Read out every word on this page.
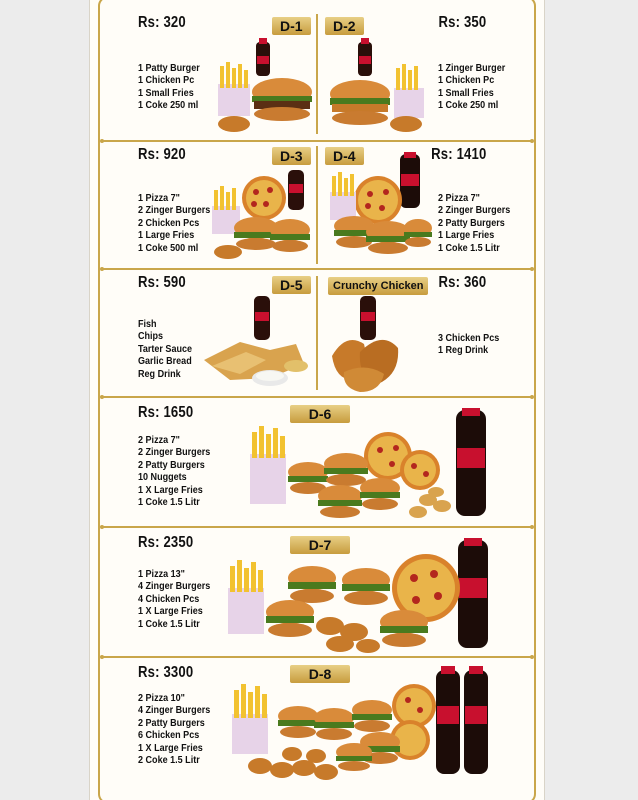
Rs: 320	D-1
1 Patty Burger
1 Chicken Pc
1 Small Fries
1 Coke 250 ml
D-2	Rs: 350
1 Zinger Burger
1 Chicken Pc
1 Small Fries
1 Coke 250 ml
Rs: 920	D-3
1 Pizza 7"
2 Zinger Burgers
2 Chicken Pcs
1 Large Fries
1 Coke 500 ml
D-4	Rs: 1410
2 Pizza 7"
2 Zinger Burgers
2 Patty Burgers
1 Large Fries
1 Coke 1.5 Litr
Rs: 590	D-5
Fish
Chips
Tarter Sauce
Garlic Bread
Reg Drink
Crunchy Chicken Rs: 360
3 Chicken Pcs
1 Reg Drink
Rs: 1650	D-6
2 Pizza 7"
2 Zinger Burgers
2 Patty Burgers
10 Nuggets
1 X Large Fries
1 Coke 1.5 Litr
Rs: 2350	D-7
1 Pizza 13"
4 Zinger Burgers
4 Chicken Pcs
1 X Large Fries
1 Coke 1.5 Litr
Rs: 3300	D-8
2 Pizza 10"
4 Zinger Burgers
2 Patty Burgers
6 Chicken Pcs
1 X Large Fries
2 Coke 1.5 Litr
